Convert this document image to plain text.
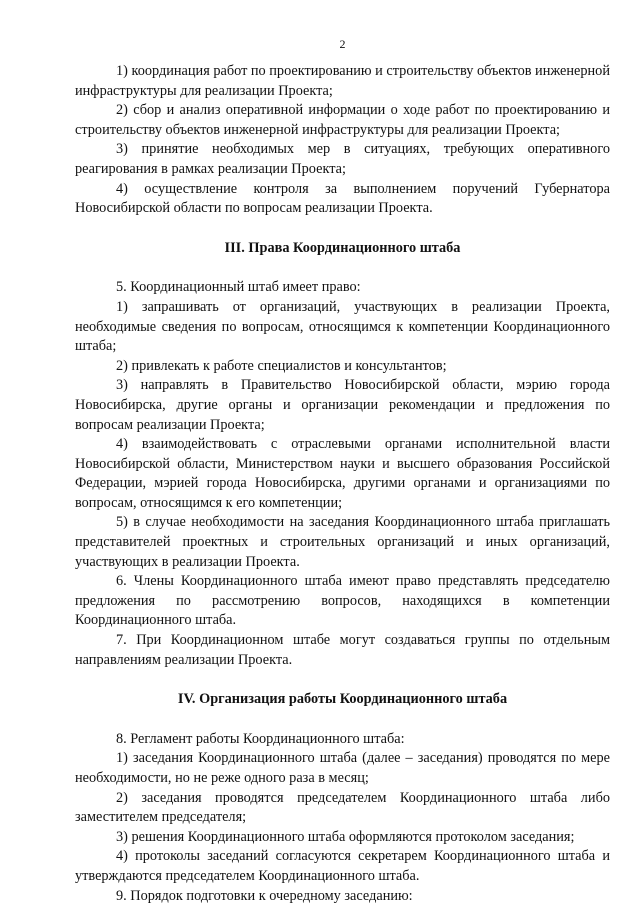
2

1) координация работ по проектированию и строительству объектов инженерной инфраструктуры для реализации Проекта;

2) сбор и анализ оперативной информации о ходе работ по проектированию и строительству объектов инженерной инфраструктуры для реализации Проекта;

3) принятие необходимых мер в ситуациях, требующих оперативного реагирования в рамках реализации Проекта;

4) осуществление контроля за выполнением поручений Губернатора Новосибирской области по вопросам реализации Проекта.

III. Права Координационного штаба

5. Координационный штаб имеет право:

1) запрашивать от организаций, участвующих в реализации Проекта, необходимые сведения по вопросам, относящимся к компетенции Координационного штаба;

2) привлекать к работе специалистов и консультантов;

3) направлять в Правительство Новосибирской области, мэрию города Новосибирска, другие органы и организации рекомендации и предложения по вопросам реализации Проекта;

4) взаимодействовать с отраслевыми органами исполнительной власти Новосибирской области, Министерством науки и высшего образования Российской Федерации, мэрией города Новосибирска, другими органами и организациями по вопросам, относящимся к его компетенции;

5) в случае необходимости на заседания Координационного штаба приглашать представителей проектных и строительных организаций и иных организаций, участвующих в реализации Проекта.

6. Члены Координационного штаба имеют право представлять председателю предложения по рассмотрению вопросов, находящихся в компетенции Координационного штаба.

7. При Координационном штабе могут создаваться группы по отдельным направлениям реализации Проекта.

IV. Организация работы Координационного штаба

8. Регламент работы Координационного штаба:

1) заседания Координационного штаба (далее – заседания) проводятся по мере необходимости, но не реже одного раза в месяц;

2) заседания проводятся председателем Координационного штаба либо заместителем председателя;

3) решения Координационного штаба оформляются протоколом заседания;

4) протоколы заседаний согласуются секретарем Координационного штаба и утверждаются председателем Координационного штаба.

9. Порядок подготовки к очередному заседанию:
